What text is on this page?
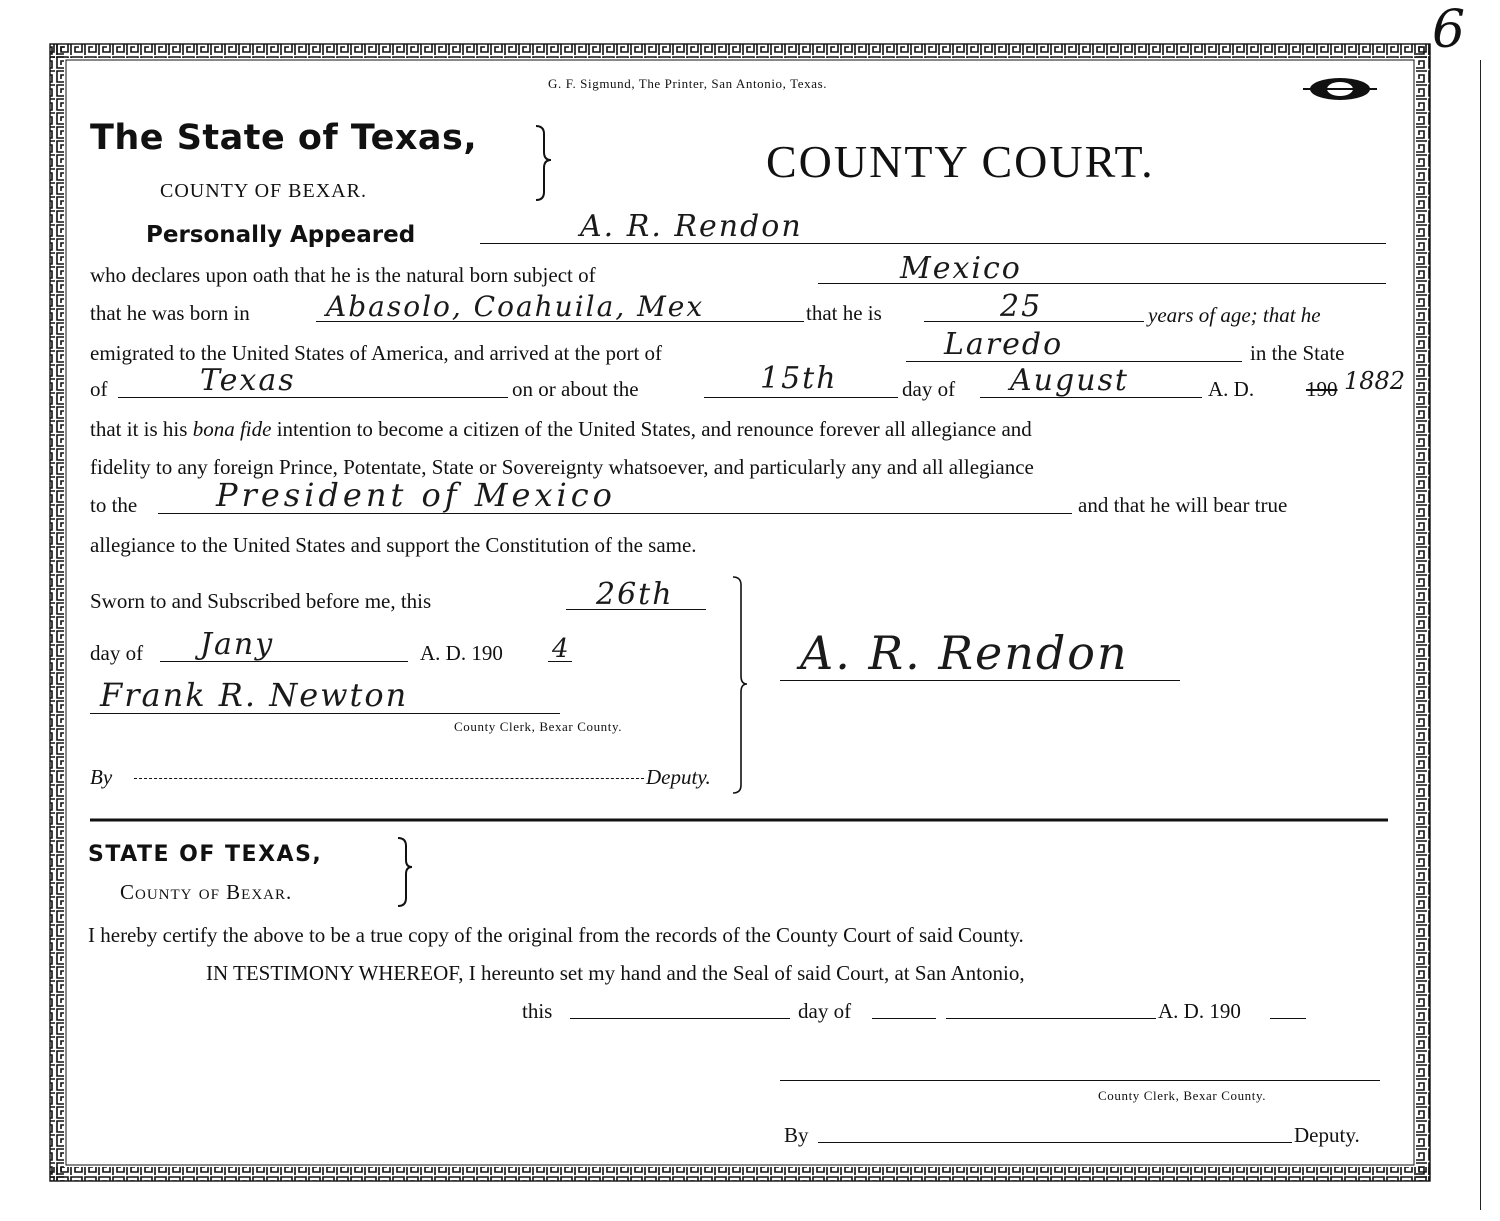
6
G. F. Sigmund, The Printer, San Antonio, Texas.
The State of Texas,
COUNTY OF BEXAR.
COUNTY COURT.
Personally Appeared	A. R. Rendon
who declares upon oath that he is the natural born subject of	Mexico
that he was born in	Abasolo, Coahuila, Mex	that he is	25	years of age; that he
emigrated to the United States of America, and arrived at the port of	Laredo	in the State
of	Texas	on or about the	15th	day of August	A. D. 190 1882
that it is his bona fide intention to become a citizen of the United States, and renounce forever all allegiance and
fidelity to any foreign Prince, Potentate, State or Sovereignty whatsoever, and particularly any and all allegiance
to the President of Mexico	and that he will bear true
allegiance to the United States and support the Constitution of the same.
Sworn to and Subscribed before me, this	26th
day of Jany	A. D. 190 4
Frank R. Newton
County Clerk, Bexar County.
By	Deputy.
A. R. Rendon
STATE OF TEXAS,
County of Bexar.
I hereby certify the above to be a true copy of the original from the records of the County Court of said County.
IN TESTIMONY WHEREOF, I hereunto set my hand and the Seal of said Court, at San Antonio,
this	day of	A. D. 190
County Clerk, Bexar County.
By	Deputy.
